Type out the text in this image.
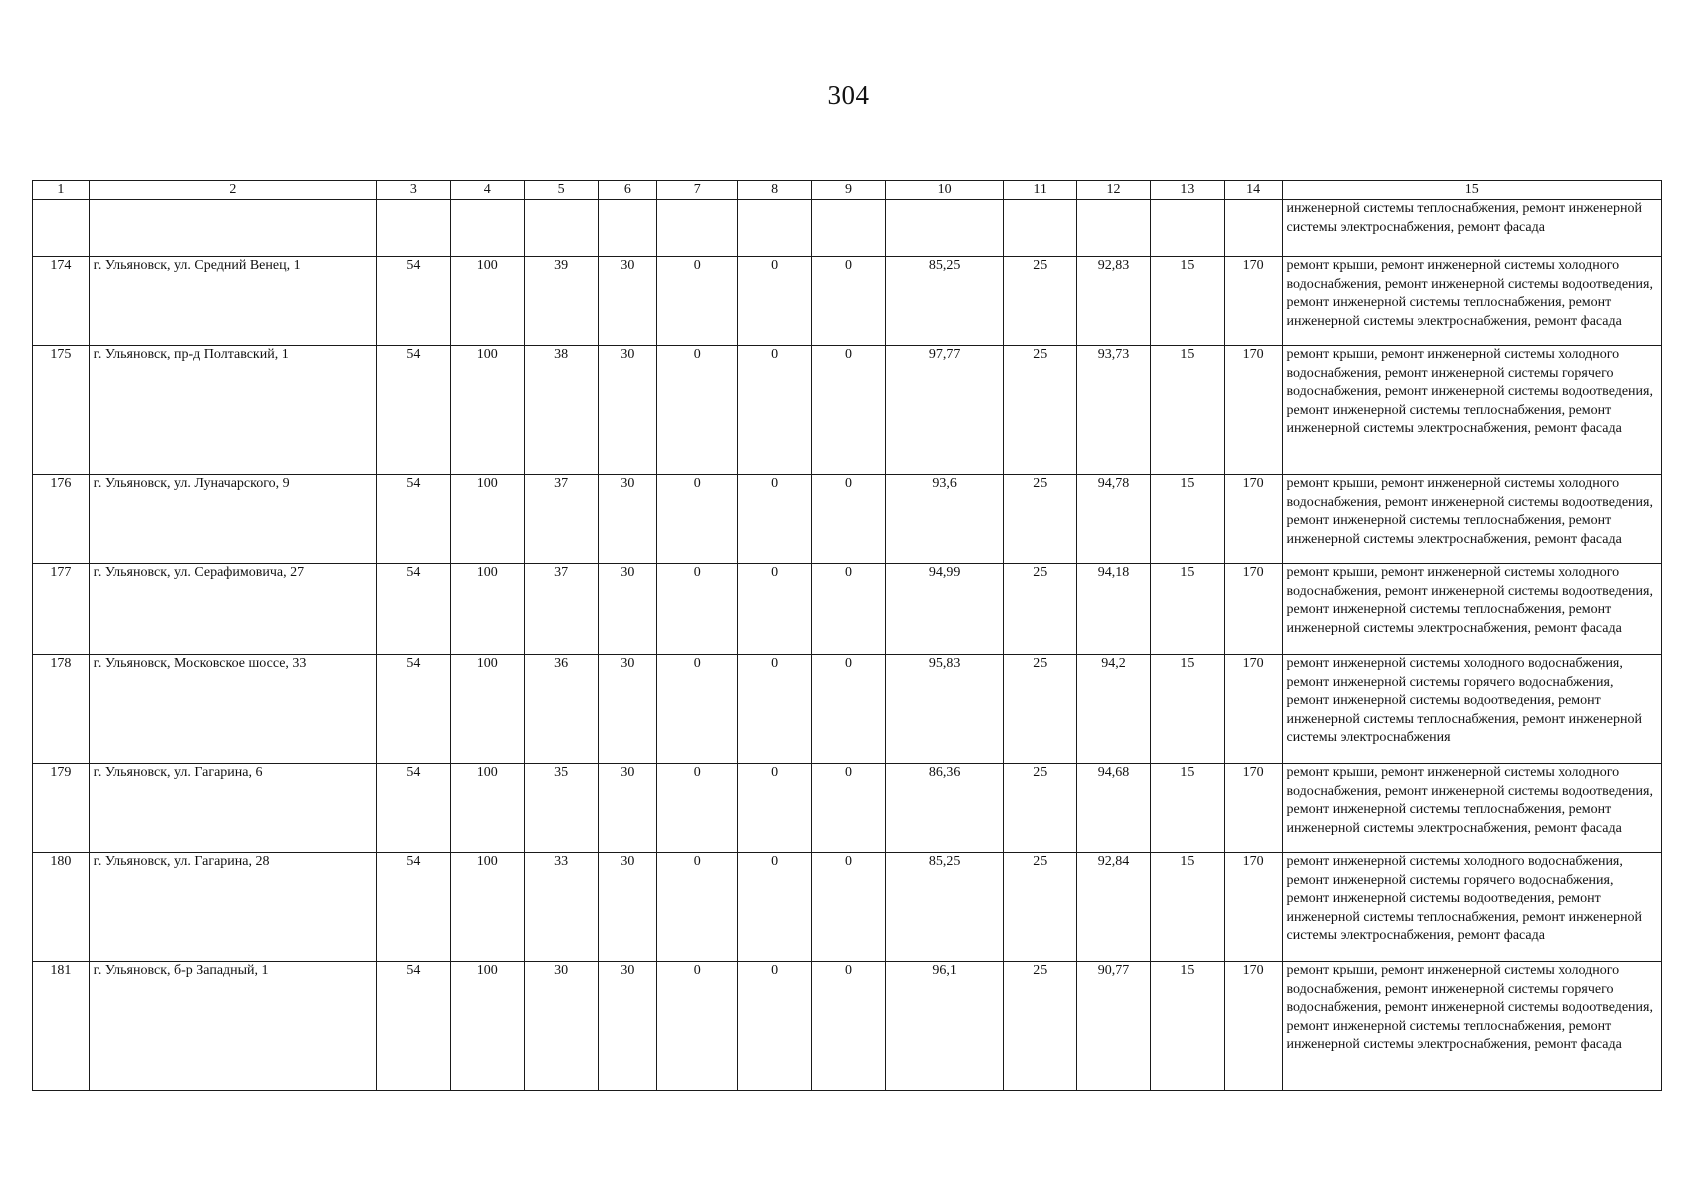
304
1	2	3	4	5	6	7	8	9	10	11	12	13	14	15
														инженерной системы теплоснабжения, ремонт инженерной системы электроснабжения, ремонт фасада
174	г. Ульяновск, ул. Средний Венец, 1	54	100	39	30	0	0	0	85,25	25	92,83	15	170	ремонт крыши, ремонт инженерной системы холодного водоснабжения, ремонт инженерной системы водоотведения, ремонт инженерной системы теплоснабжения, ремонт инженерной системы электроснабжения, ремонт фасада
175	г. Ульяновск, пр-д Полтавский, 1	54	100	38	30	0	0	0	97,77	25	93,73	15	170	ремонт крыши, ремонт инженерной системы холодного водоснабжения, ремонт инженерной системы горячего водоснабжения, ремонт инженерной системы водоотведения, ремонт инженерной системы теплоснабжения, ремонт инженерной системы электроснабжения, ремонт фасада
176	г. Ульяновск, ул. Луначарского, 9	54	100	37	30	0	0	0	93,6	25	94,78	15	170	ремонт крыши, ремонт инженерной системы холодного водоснабжения, ремонт инженерной системы водоотведения, ремонт инженерной системы теплоснабжения, ремонт инженерной системы электроснабжения, ремонт фасада
177	г. Ульяновск, ул. Серафимовича, 27	54	100	37	30	0	0	0	94,99	25	94,18	15	170	ремонт крыши, ремонт инженерной системы холодного водоснабжения, ремонт инженерной системы водоотведения, ремонт инженерной системы теплоснабжения, ремонт инженерной системы электроснабжения, ремонт фасада
178	г. Ульяновск, Московское шоссе, 33	54	100	36	30	0	0	0	95,83	25	94,2	15	170	ремонт инженерной системы холодного водоснабжения, ремонт инженерной системы горячего водоснабжения, ремонт инженерной системы водоотведения, ремонт инженерной системы теплоснабжения, ремонт инженерной системы электроснабжения
179	г. Ульяновск, ул. Гагарина, 6	54	100	35	30	0	0	0	86,36	25	94,68	15	170	ремонт крыши, ремонт инженерной системы холодного водоснабжения, ремонт инженерной системы водоотведения, ремонт инженерной системы теплоснабжения, ремонт инженерной системы электроснабжения, ремонт фасада
180	г. Ульяновск, ул. Гагарина, 28	54	100	33	30	0	0	0	85,25	25	92,84	15	170	ремонт инженерной системы холодного водоснабжения, ремонт инженерной системы горячего водоснабжения, ремонт инженерной системы водоотведения, ремонт инженерной системы теплоснабжения, ремонт инженерной системы электроснабжения, ремонт фасада
181	г. Ульяновск, б-р Западный, 1	54	100	30	30	0	0	0	96,1	25	90,77	15	170	ремонт крыши, ремонт инженерной системы холодного водоснабжения, ремонт инженерной системы горячего водоснабжения, ремонт инженерной системы водоотведения, ремонт инженерной системы теплоснабжения, ремонт инженерной системы электроснабжения, ремонт фасада
